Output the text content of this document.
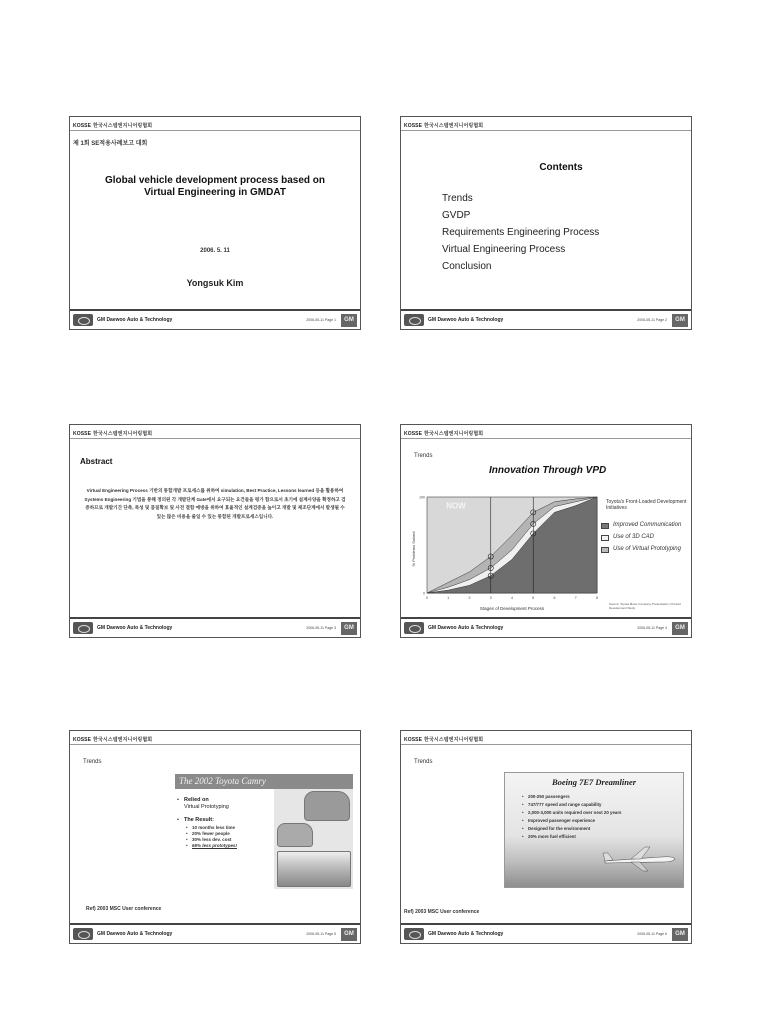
KOSSE 한국시스템엔지니어링협회
제 1회 SE적용사례보고 대회
Global vehicle development process based on Virtual Engineering in GMDAT
2006. 5. 11
Yongsuk Kim
GM Daewoo Auto & Technology	2006-05-11 Page 1	GM
KOSSE 한국시스템엔지니어링협회
Contents
Trends
GVDP
Requirements Engineering Process
Virtual Engineering Process
Conclusion
GM Daewoo Auto & Technology	2006-05-11 Page 2	GM
KOSSE 한국시스템엔지니어링협회
Abstract
Virtual Engineering Process 기반의 통합개발 프로세스를 위하여 simulation, Best Practice, Lessons learned 등을 활용하여 Systems Engineering 기법을 통해 정의된 각 개발단계 Gate에서 요구되는 요건들을 평가 함으로서 초기에 설계사양을 확정하고 검증하므로 개발기간 단축, 특성 및 품질확보 및 사전 결함 예방을 위하여 효율적인 설계검증을 높이고 개발 및 제조단계에서 발생될 수 있는 많은 비용을 줄일 수 있는 통합된 개발프로세스입니다.
GM Daewoo Auto & Technology	2006-05-11 Page 3	GM
KOSSE 한국시스템엔지니어링협회
Trends
Innovation Through VPD
NOW
% Problems Solved
Stages of Development Process
0	1	2	3	4	5	6	7	8
0
100
Toyota's Front-Loaded Development Initiatives
Improved Communication
Use of 3D CAD
Use of Virtual Prototyping
Source: Toyota Motor Company Presentation; Product Development Study
GM Daewoo Auto & Technology	2006-05-11 Page 4	GM
KOSSE 한국시스템엔지니어링협회
Trends
The 2002 Toyota Camry
• Relied on
Virtual Prototyping
• The Result:
• 10 months less time
• 20% fewer people
• 30% less dev. cost
• 65% less prototypes!
Ref) 2003 MSC User conference
GM Daewoo Auto & Technology	2006-05-11 Page 5	GM
KOSSE 한국시스템엔지니어링협회
Trends
Boeing 7E7 Dreamliner
• 200-250 passengers
• 747/777 speed and range capability
• 2,000-3,000 units required over next 20 years
• Improved passenger experience
• Designed for the environment
• 20% more fuel efficient
Ref) 2003 MSC User conference
GM Daewoo Auto & Technology	2006-05-11 Page 6	GM
